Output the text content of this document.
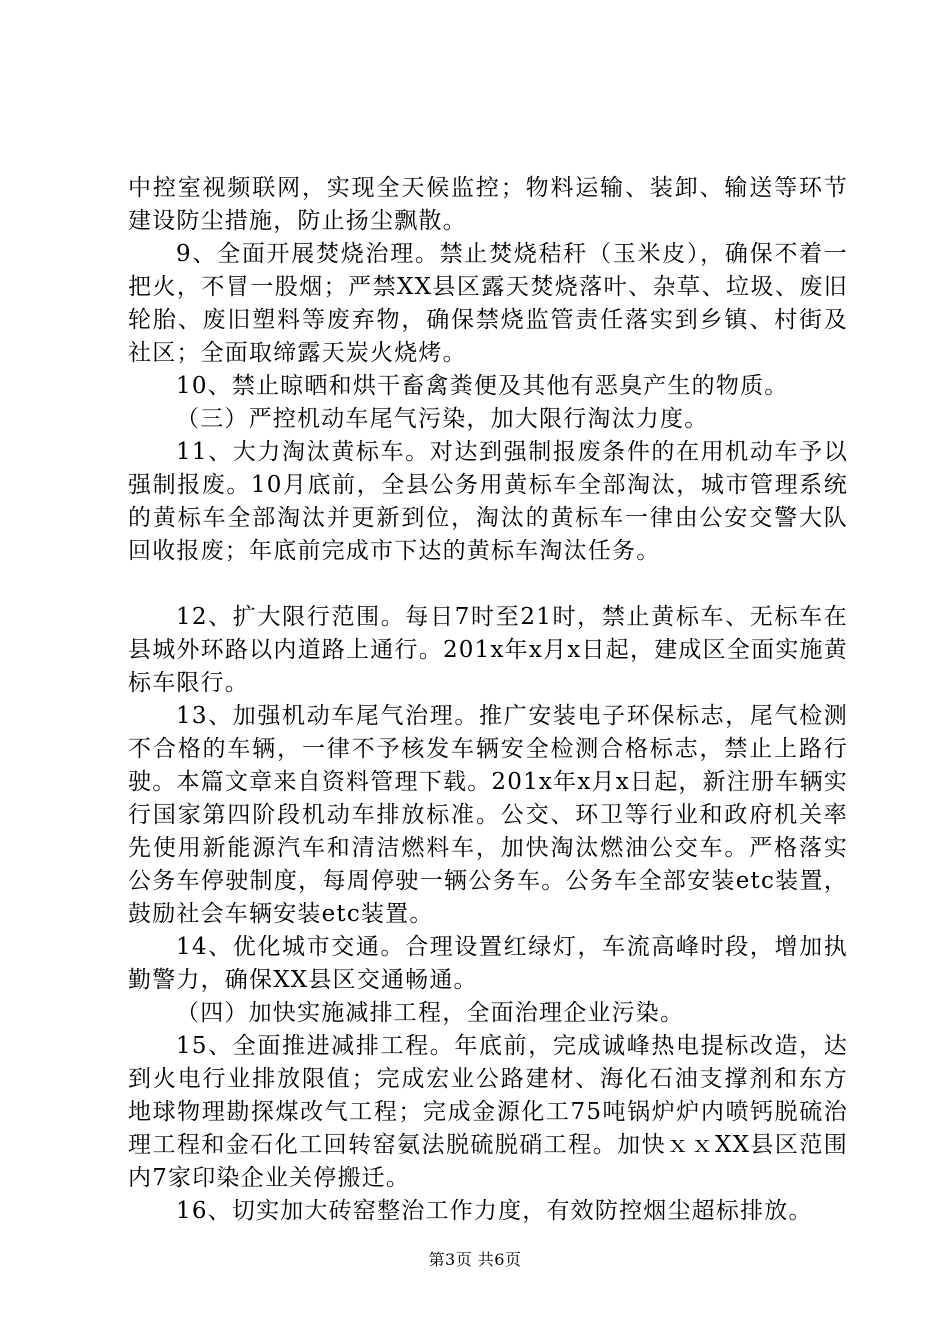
中控室视频联网，实现全天候监控；物料运输、装卸、输送等环节建设防尘措施，防止扬尘飘散。

9、全面开展焚烧治理。禁止焚烧秸秆（玉米皮），确保不着一把火，不冒一股烟；严禁XX县区露天焚烧落叶、杂草、垃圾、废旧轮胎、废旧塑料等废弃物，确保禁烧监管责任落实到乡镇、村街及社区；全面取缔露天炭火烧烤。

10、禁止晾晒和烘干畜禽粪便及其他有恶臭产生的物质。

（三）严控机动车尾气污染，加大限行淘汰力度。

11、大力淘汰黄标车。对达到强制报废条件的在用机动车予以强制报废。10月底前，全县公务用黄标车全部淘汰，城市管理系统的黄标车全部淘汰并更新到位，淘汰的黄标车一律由公安交警大队回收报废；年底前完成市下达的黄标车淘汰任务。

12、扩大限行范围。每日7时至21时，禁止黄标车、无标车在县城外环路以内道路上通行。201x年x月x日起，建成区全面实施黄标车限行。

13、加强机动车尾气治理。推广安装电子环保标志，尾气检测不合格的车辆，一律不予核发车辆安全检测合格标志，禁止上路行驶。本篇文章来自资料管理下载。201x年x月x日起，新注册车辆实行国家第四阶段机动车排放标准。公交、环卫等行业和政府机关率先使用新能源汽车和清洁燃料车，加快淘汰燃油公交车。严格落实公务车停驶制度，每周停驶一辆公务车。公务车全部安装etc装置，鼓励社会车辆安装etc装置。

14、优化城市交通。合理设置红绿灯，车流高峰时段，增加执勤警力，确保XX县区交通畅通。

（四）加快实施减排工程，全面治理企业污染。

15、全面推进减排工程。年底前，完成诚峰热电提标改造，达到火电行业排放限值；完成宏业公路建材、海化石油支撑剂和东方地球物理勘探煤改气工程；完成金源化工75吨锅炉炉内喷钙脱硫治理工程和金石化工回转窑氨法脱硫脱硝工程。加快ｘｘXX县区范围内7家印染企业关停搬迁。

16、切实加大砖窑整治工作力度，有效防控烟尘超标排放。

第3页 共6页
